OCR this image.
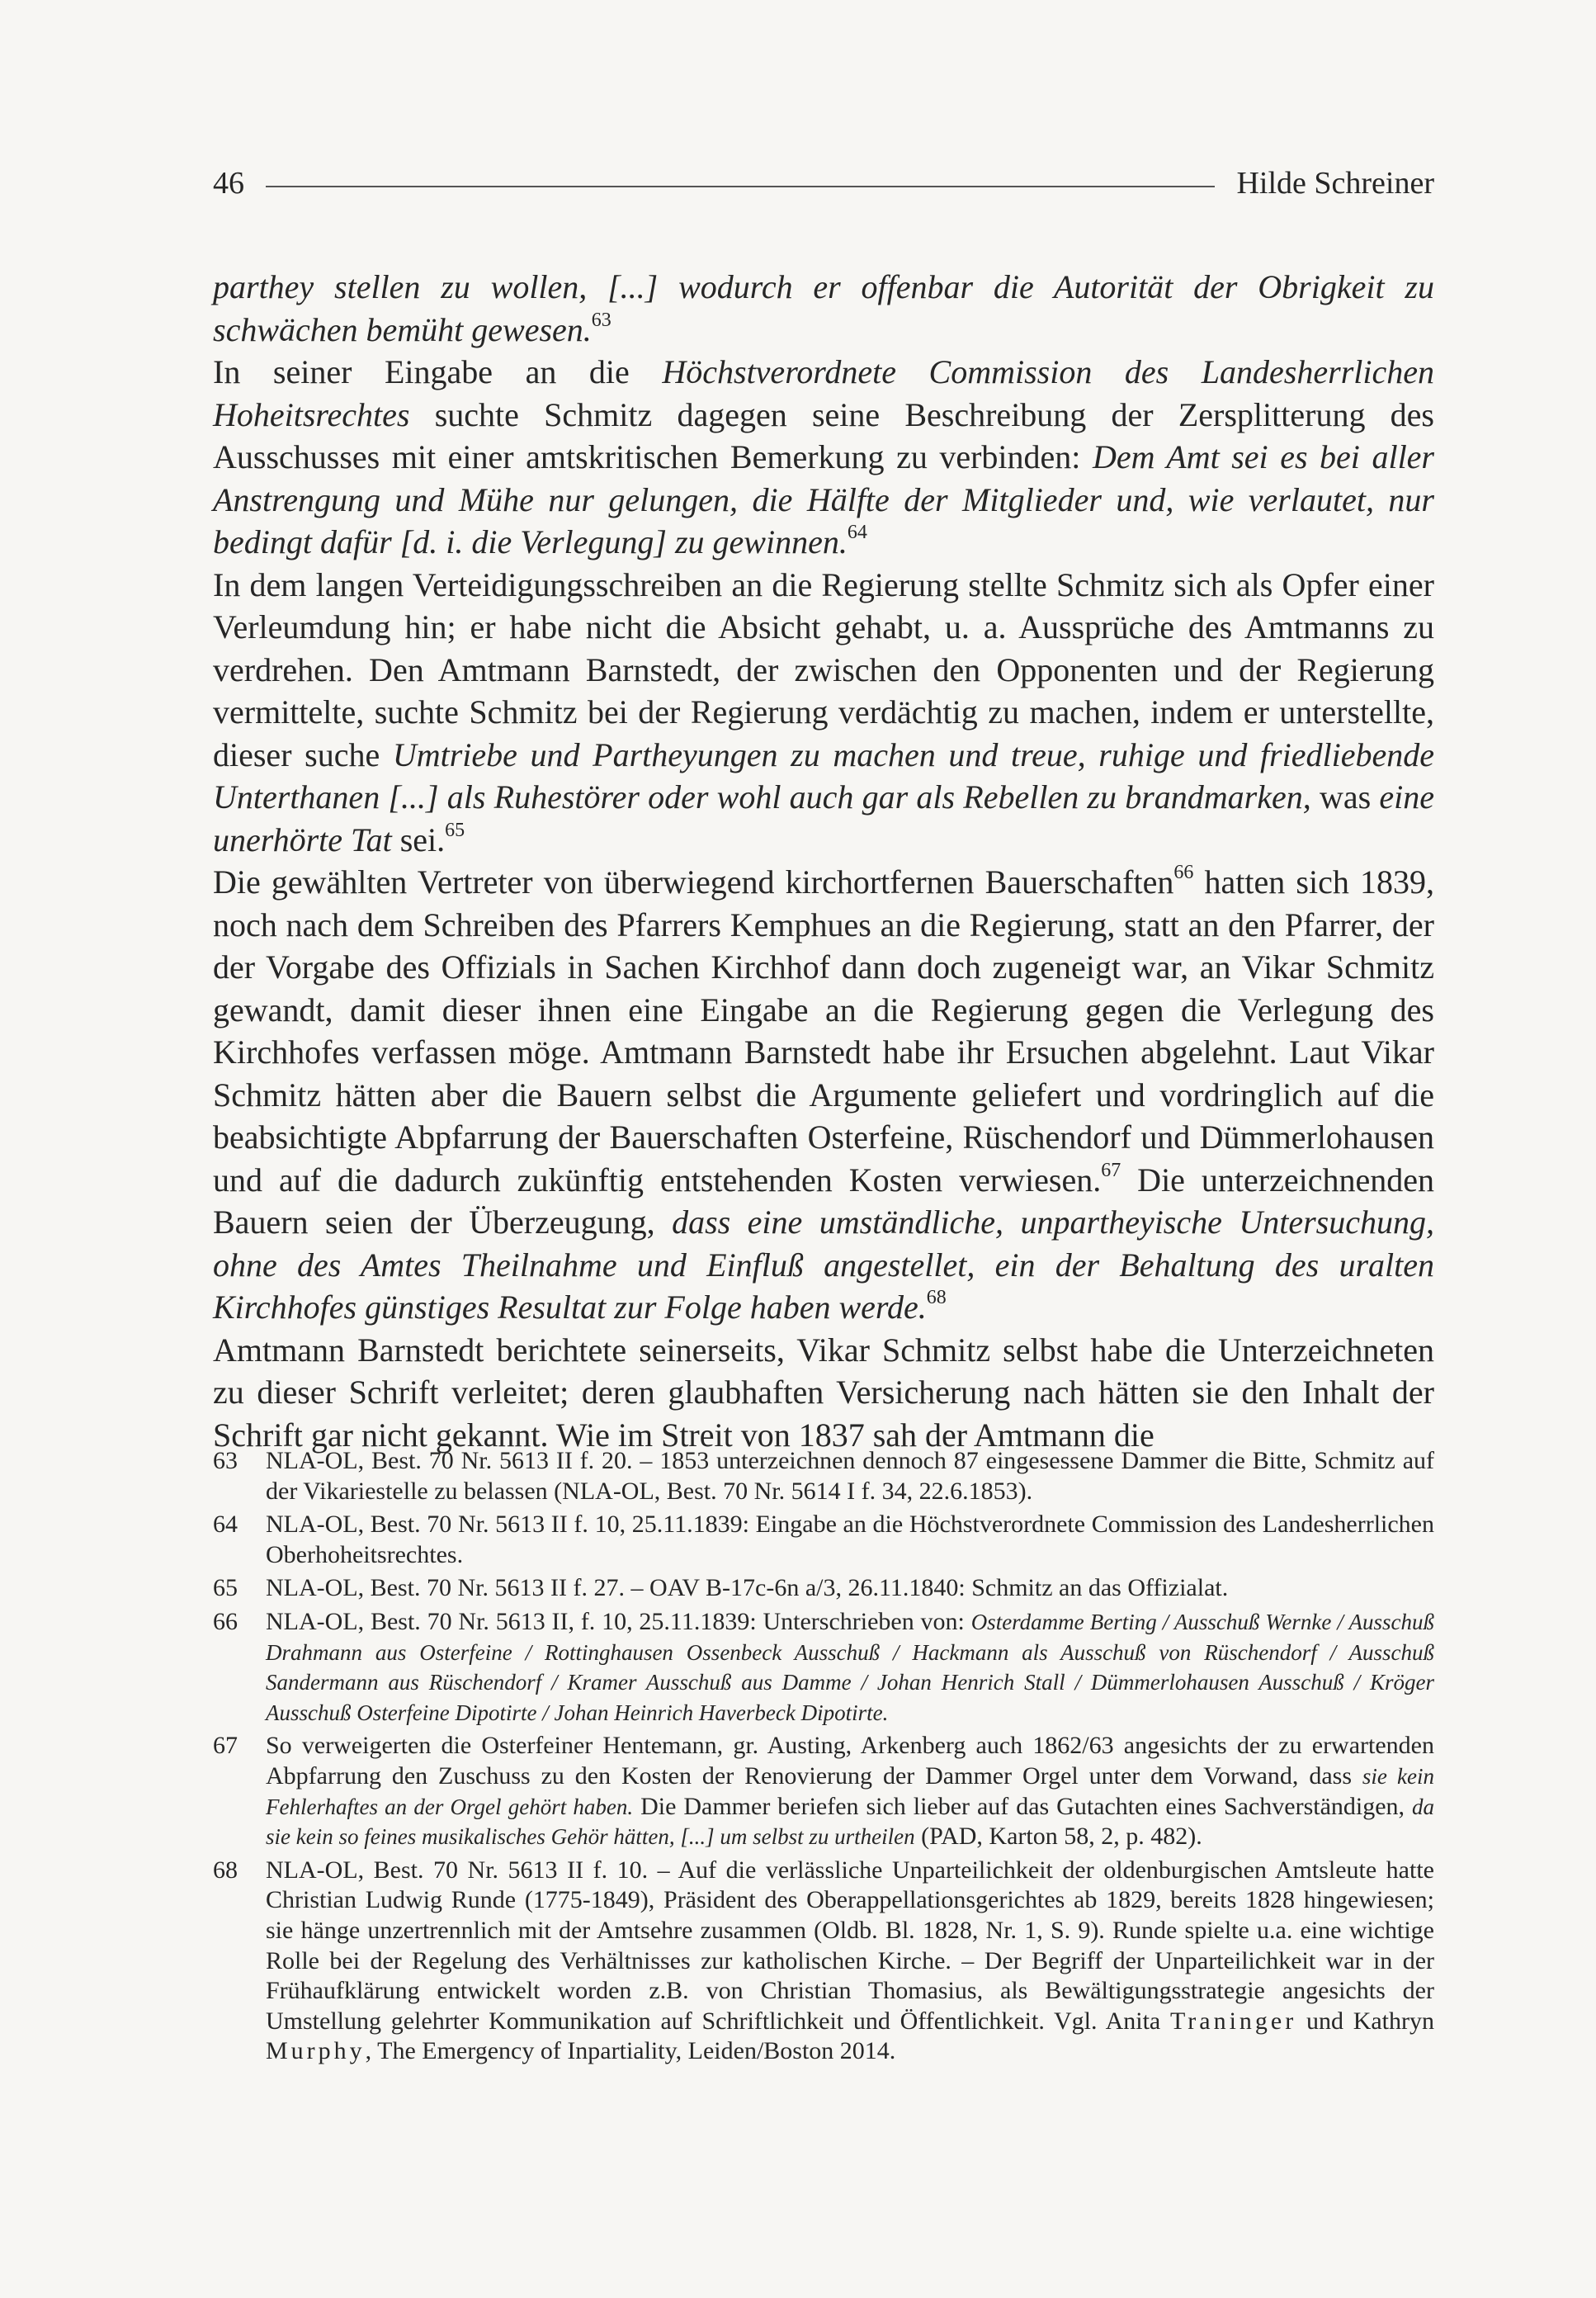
46	Hilde Schreiner

parthey stellen zu wollen, [...] wodurch er offenbar die Autorität der Obrigkeit zu schwächen bemüht gewesen.$^{63}$

In seiner Eingabe an die Höchstverordnete Commission des Landesherrlichen Hoheitsrechtes suchte Schmitz dagegen seine Beschreibung der Zersplitterung des Ausschusses mit einer amtskritischen Bemerkung zu verbinden: Dem Amt sei es bei aller Anstrengung und Mühe nur gelungen, die Hälfte der Mitglieder und, wie verlautet, nur bedingt dafür [d. i. die Verlegung] zu gewinnen.$^{64}$

In dem langen Verteidigungsschreiben an die Regierung stellte Schmitz sich als Opfer einer Verleumdung hin; er habe nicht die Absicht gehabt, u. a. Aussprüche des Amtmanns zu verdrehen. Den Amtmann Barnstedt, der zwischen den Opponenten und der Regierung vermittelte, suchte Schmitz bei der Regierung verdächtig zu machen, indem er unterstellte, dieser suche Umtriebe und Partheyungen zu machen und treue, ruhige und friedliebende Unterthanen [...] als Ruhestörer oder wohl auch gar als Rebellen zu brandmarken, was eine unerhörte Tat sei.$^{65}$

Die gewählten Vertreter von überwiegend kirchortfernen Bauerschaften$^{66}$ hatten sich 1839, noch nach dem Schreiben des Pfarrers Kemphues an die Regierung, statt an den Pfarrer, der der Vorgabe des Offizials in Sachen Kirchhof dann doch zugeneigt war, an Vikar Schmitz gewandt, damit dieser ihnen eine Eingabe an die Regierung gegen die Verlegung des Kirchhofes verfassen möge. Amtmann Barnstedt habe ihr Ersuchen abgelehnt. Laut Vikar Schmitz hätten aber die Bauern selbst die Argumente geliefert und vordringlich auf die beabsichtigte Abpfarrung der Bauerschaften Osterfeine, Rüschendorf und Dümmerlohausen und auf die dadurch zukünftig entstehenden Kosten verwiesen.$^{67}$ Die unterzeichnenden Bauern seien der Überzeugung, dass eine umständliche, unpartheyische Untersuchung, ohne des Amtes Theilnahme und Einfluß angestellet, ein der Behaltung des uralten Kirchhofes günstiges Resultat zur Folge haben werde.$^{68}$

Amtmann Barnstedt berichtete seinerseits, Vikar Schmitz selbst habe die Unterzeichneten zu dieser Schrift verleitet; deren glaubhaften Versicherung nach hätten sie den Inhalt der Schrift gar nicht gekannt. Wie im Streit von 1837 sah der Amtmann die

63	NLA-OL, Best. 70 Nr. 5613 II f. 20. – 1853 unterzeichnen dennoch 87 eingesessene Dammer die Bitte, Schmitz auf der Vikariestelle zu belassen (NLA-OL, Best. 70 Nr. 5614 I f. 34, 22.6.1853).
64	NLA-OL, Best. 70 Nr. 5613 II f. 10, 25.11.1839: Eingabe an die Höchstverordnete Commission des Landesherrlichen Oberhoheitsrechtes.
65	NLA-OL, Best. 70 Nr. 5613 II f. 27. – OAV B-17c-6n a/3, 26.11.1840: Schmitz an das Offizialat.
66	NLA-OL, Best. 70 Nr. 5613 II, f. 10, 25.11.1839: Unterschrieben von: Osterdamme Berting / Ausschuß Wernke / Ausschuß Drahmann aus Osterfeine / Rottinghausen Ossenbeck Ausschuß / Hackmann als Ausschuß von Rüschendorf / Ausschuß Sandermann aus Rüschendorf / Kramer Ausschuß aus Damme / Johan Henrich Stall / Dümmerlohausen Ausschuß / Kröger Ausschuß Osterfeine Dipotirte / Johan Heinrich Haverbeck Dipotirte.
67	So verweigerten die Osterfeiner Hentemann, gr. Austing, Arkenberg auch 1862/63 angesichts der zu erwartenden Abpfarrung den Zuschuss zu den Kosten der Renovierung der Dammer Orgel unter dem Vorwand, dass sie kein Fehlerhaftes an der Orgel gehört haben. Die Dammer beriefen sich lieber auf das Gutachten eines Sachverständigen, da sie kein so feines musikalisches Gehör hätten, [...] um selbst zu urtheilen (PAD, Karton 58, 2, p. 482).
68	NLA-OL, Best. 70 Nr. 5613 II f. 10. – Auf die verlässliche Unparteilichkeit der oldenburgischen Amtsleute hatte Christian Ludwig Runde (1775-1849), Präsident des Oberappellationsgerichtes ab 1829, bereits 1828 hingewiesen; sie hänge unzertrennlich mit der Amtsehre zusammen (Oldb. Bl. 1828, Nr. 1, S. 9). Runde spielte u.a. eine wichtige Rolle bei der Regelung des Verhältnisses zur katholischen Kirche. – Der Begriff der Unparteilichkeit war in der Frühaufklärung entwickelt worden z.B. von Christian Thomasius, als Bewältigungsstrategie angesichts der Umstellung gelehrter Kommunikation auf Schriftlichkeit und Öffentlichkeit. Vgl. Anita Traninger und Kathryn Murphy, The Emergency of Inpartiality, Leiden/Boston 2014.
